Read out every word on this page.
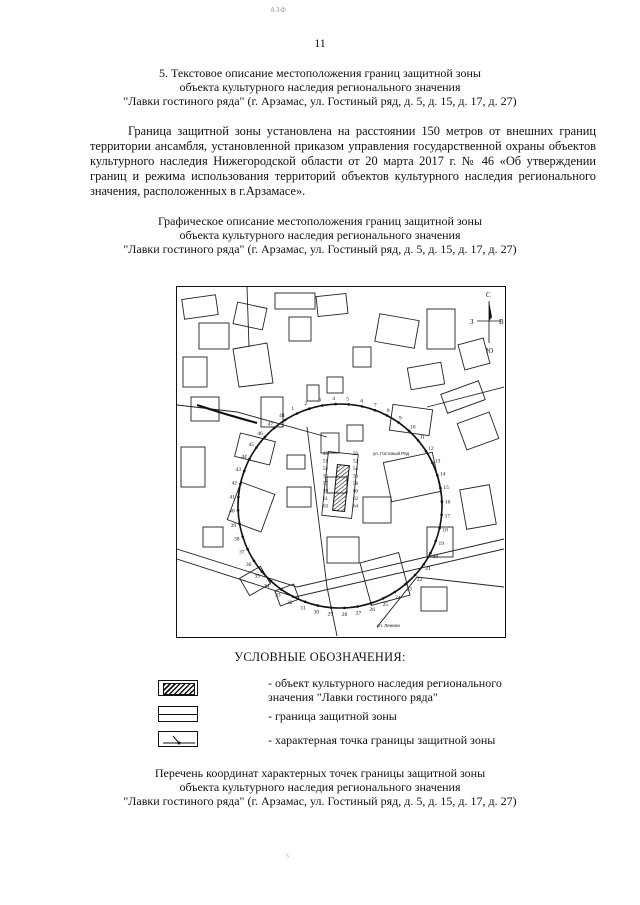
АЗФ
11
5. Текстовое описание местоположения границ защитной зоны
объекта культурного наследия регионального значения
"Лавки гостиного ряда" (г. Арзамас, ул. Гостиный ряд, д. 5, д. 15, д. 17, д. 27)

Граница защитной зоны установлена на расстоянии 150 метров от внешних границ территории ансамбля, установленной приказом управления государственной охраны объектов культурного наследия Нижегородской области от 20 марта 2017 г. № 46 «Об утверждении границ и режима использования территорий объектов культурного наследия регионального значения, расположенных в г.Арзамасе».

Графическое описание местоположения границ защитной зоны
объекта культурного наследия регионального значения
"Лавки гостиного ряда" (г. Арзамас, ул. Гостиный ряд, д. 5, д. 15, д. 17, д. 27)
1
2
3 4 5 6
7
8
9
10
11
12
13
14
15
16
17
18
19
20
21
22
23
24
25
26
27
28
29
30
31
32
33
34
35
36
37
38
39
40
41
42
43
44
45
46
47
48
49	50
51	52
53	54
55	56
57	58
59	60
61	62
63	64
С
Ю
З	В
ул. Гостиный Ряд
ул. Ленина
УСЛОВНЫЕ ОБОЗНАЧЕНИЯ:
- объект культурного наследия регионального значения "Лавки гостиного ряда"
- граница защитной зоны
- характерная точка границы защитной зоны
Перечень координат характерных точек границы защитной зоны
объекта культурного наследия регионального значения
"Лавки гостиного ряда" (г. Арзамас, ул. Гостиный ряд, д. 5, д. 15, д. 17, д. 27)
5
